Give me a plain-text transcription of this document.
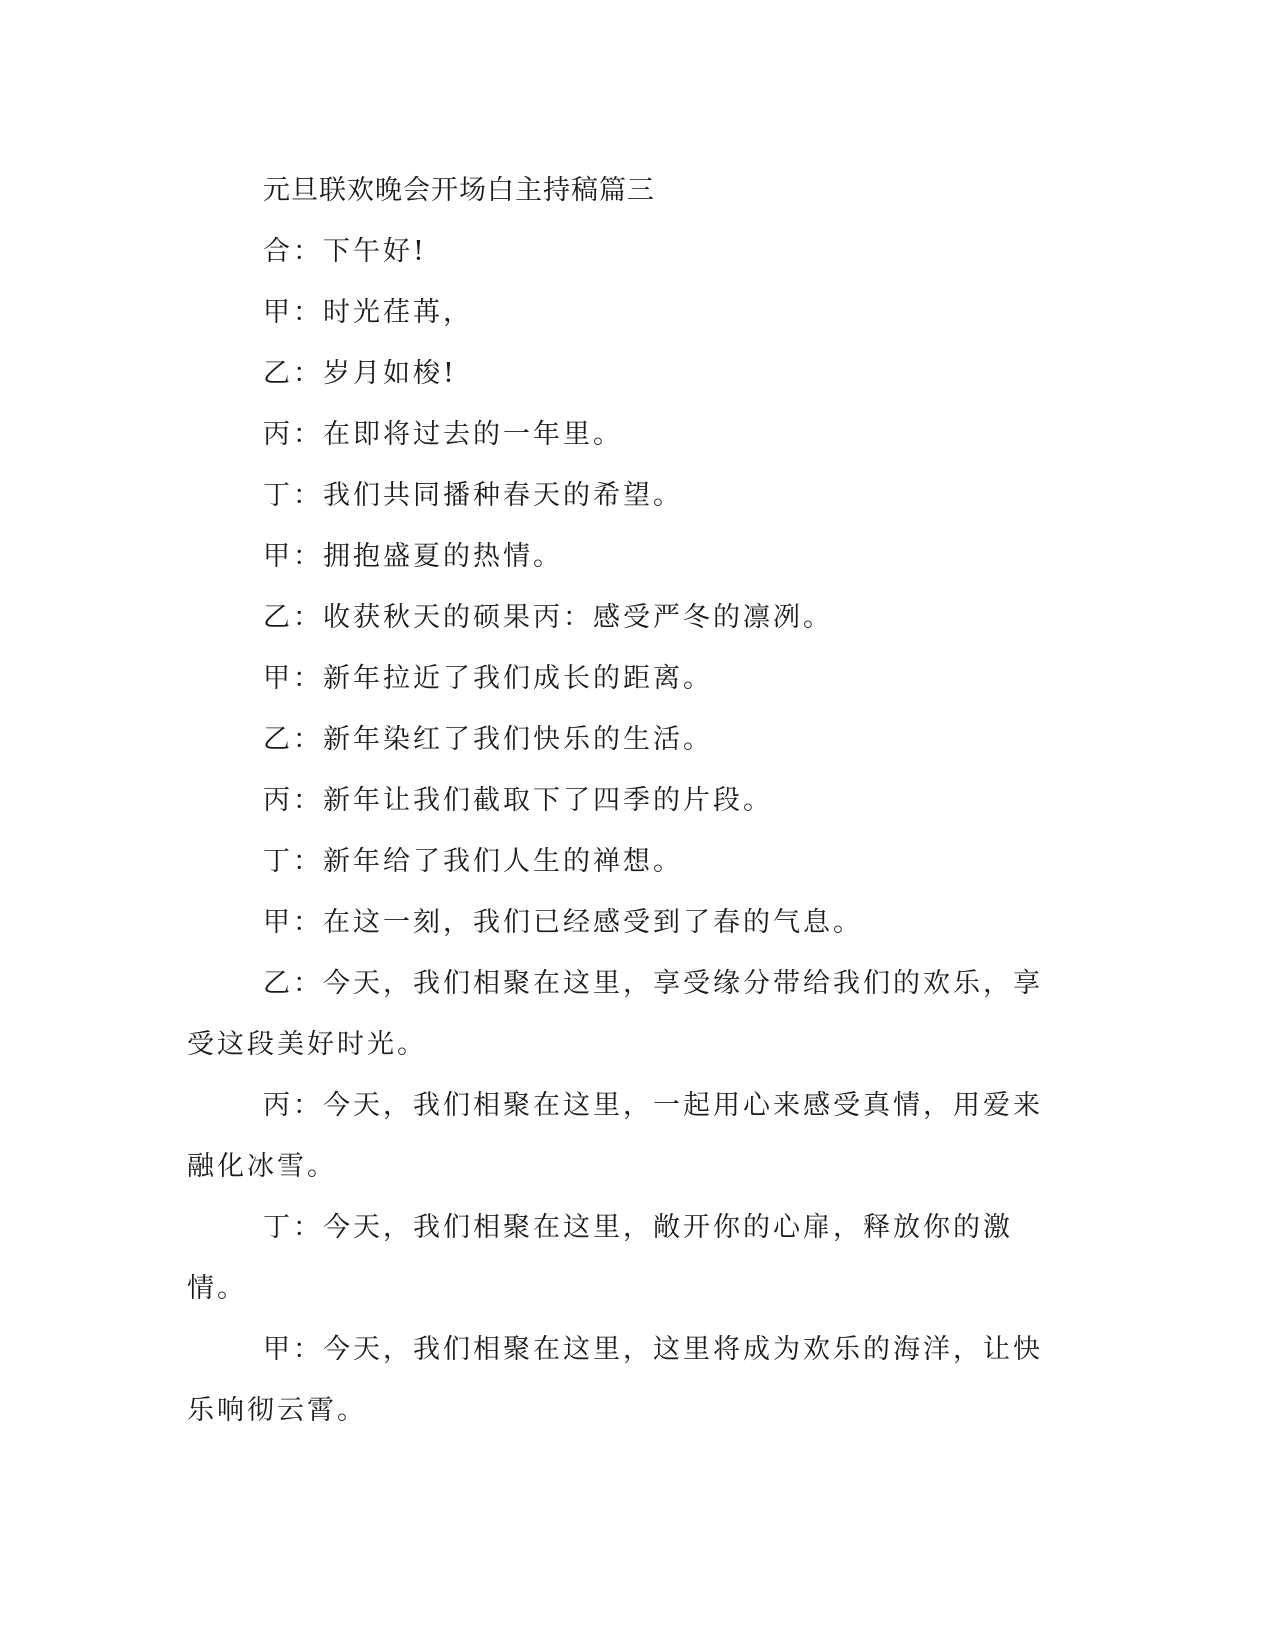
元旦联欢晚会开场白主持稿篇三

合：下午好!

甲：时光荏苒，

乙：岁月如梭!

丙：在即将过去的一年里。

丁：我们共同播种春天的希望。

甲：拥抱盛夏的热情。

乙：收获秋天的硕果丙：感受严冬的凛冽。

甲：新年拉近了我们成长的距离。

乙：新年染红了我们快乐的生活。

丙：新年让我们截取下了四季的片段。

丁：新年给了我们人生的禅想。

甲：在这一刻，我们已经感受到了春的气息。

乙：今天，我们相聚在这里，享受缘分带给我们的欢乐，享受这段美好时光。

丙：今天，我们相聚在这里，一起用心来感受真情，用爱来融化冰雪。

丁：今天，我们相聚在这里，敞开你的心扉，释放你的激情。

甲：今天，我们相聚在这里，这里将成为欢乐的海洋，让快乐响彻云霄。
